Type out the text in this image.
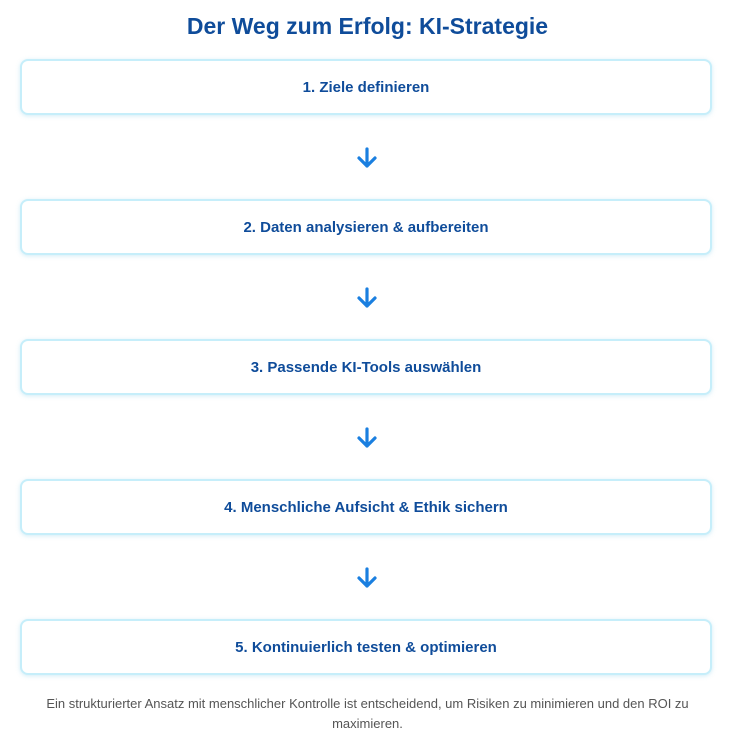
Der Weg zum Erfolg: KI-Strategie
1. Ziele definieren
2. Daten analysieren & aufbereiten
3. Passende KI-Tools auswählen
4. Menschliche Aufsicht & Ethik sichern
5. Kontinuierlich testen & optimieren
Ein strukturierter Ansatz mit menschlicher Kontrolle ist entscheidend, um Risiken zu minimieren und den ROI zu maximieren.
